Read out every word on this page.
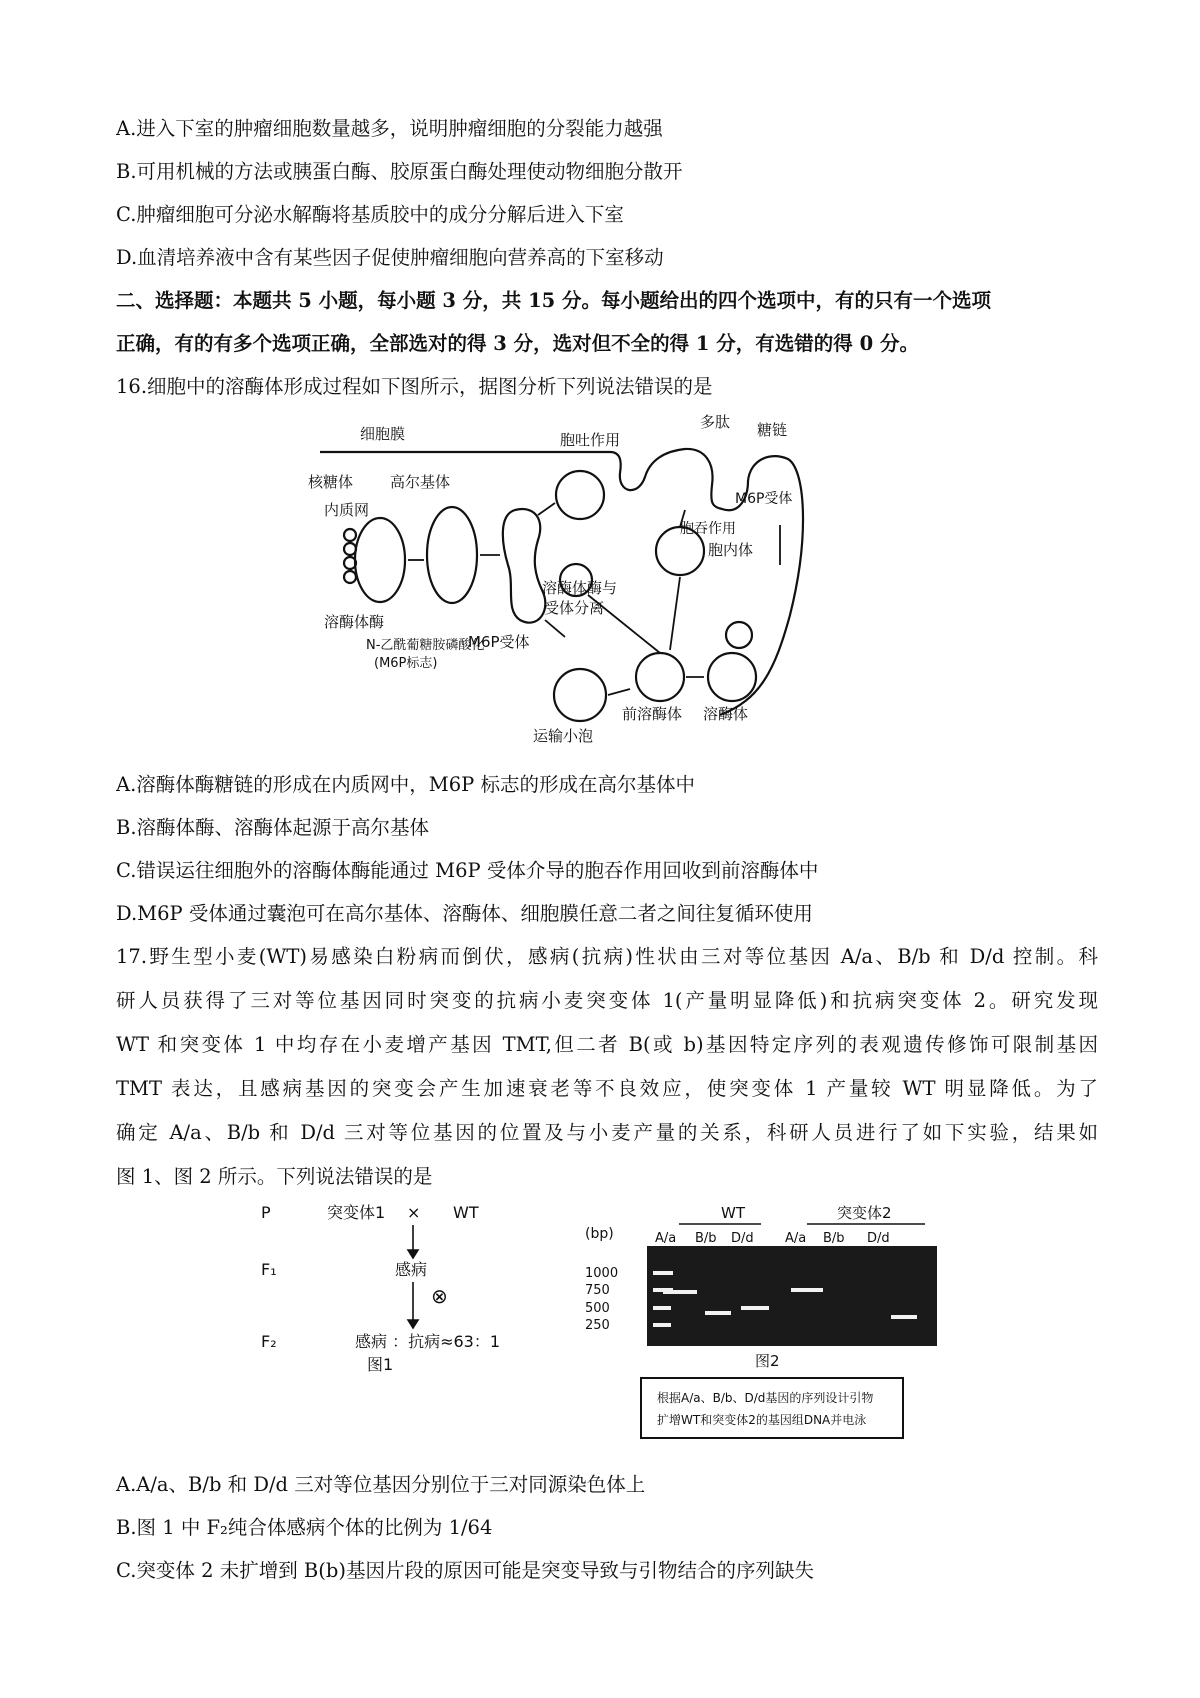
A.进入下室的肿瘤细胞数量越多，说明肿瘤细胞的分裂能力越强
B.可用机械的方法或胰蛋白酶、胶原蛋白酶处理使动物细胞分散开
C.肿瘤细胞可分泌水解酶将基质胶中的成分分解后进入下室
D.血清培养液中含有某些因子促使肿瘤细胞向营养高的下室移动
二、选择题：本题共 5 小题，每小题 3 分，共 15 分。每小题给出的四个选项中，有的只有一个选项
正确，有的有多个选项正确，全部选对的得 3 分，选对但不全的得 1 分，有选错的得 0 分。
16.细胞中的溶酶体形成过程如下图所示，据图分析下列说法错误的是
细胞膜	胞吐作用
多肽 糖链
核糖体 高尔基体
内质网
溶酶体酶
N-乙酰葡糖胺磷酸化
(M6P标志)
M6P受体
溶酶体酶与
受体分离
胞吞作用
M6P受体
胞内体
运输小泡
前溶酶体 溶酶体
A.溶酶体酶糖链的形成在内质网中，M6P 标志的形成在高尔基体中
B.溶酶体酶、溶酶体起源于高尔基体
C.错误运往细胞外的溶酶体酶能通过 M6P 受体介导的胞吞作用回收到前溶酶体中
D.M6P 受体通过囊泡可在高尔基体、溶酶体、细胞膜任意二者之间往复循环使用
17.野生型小麦(WT)易感染白粉病而倒伏，感病(抗病)性状由三对等位基因 A/a、B/b 和 D/d 控制。科
研人员获得了三对等位基因同时突变的抗病小麦突变体 1(产量明显降低)和抗病突变体 2。研究发现
WT 和突变体 1 中均存在小麦增产基因 TMT,但二者 B(或 b)基因特定序列的表观遗传修饰可限制基因
TMT 表达，且感病基因的突变会产生加速衰老等不良效应，使突变体 1 产量较 WT 明显降低。为了
确定 A/a、B/b 和 D/d 三对等位基因的位置及与小麦产量的关系，科研人员进行了如下实验，结果如
图 1、图 2 所示。下列说法错误的是
P	突变体1 × WT
F₁	感病
⊗
F₂	感病 ：抗病≈63：1
图1
WT	突变体2
(bp)	A/a B/b D/d A/a B/b D/d
1000
750
500
250
图2
根据A/a、B/b、D/d基因的序列设计引物
扩增WT和突变体2的基因组DNA并电泳
A.A/a、B/b 和 D/d 三对等位基因分别位于三对同源染色体上
B.图 1 中 F₂纯合体感病个体的比例为 1/64
C.突变体 2 未扩增到 B(b)基因片段的原因可能是突变导致与引物结合的序列缺失
